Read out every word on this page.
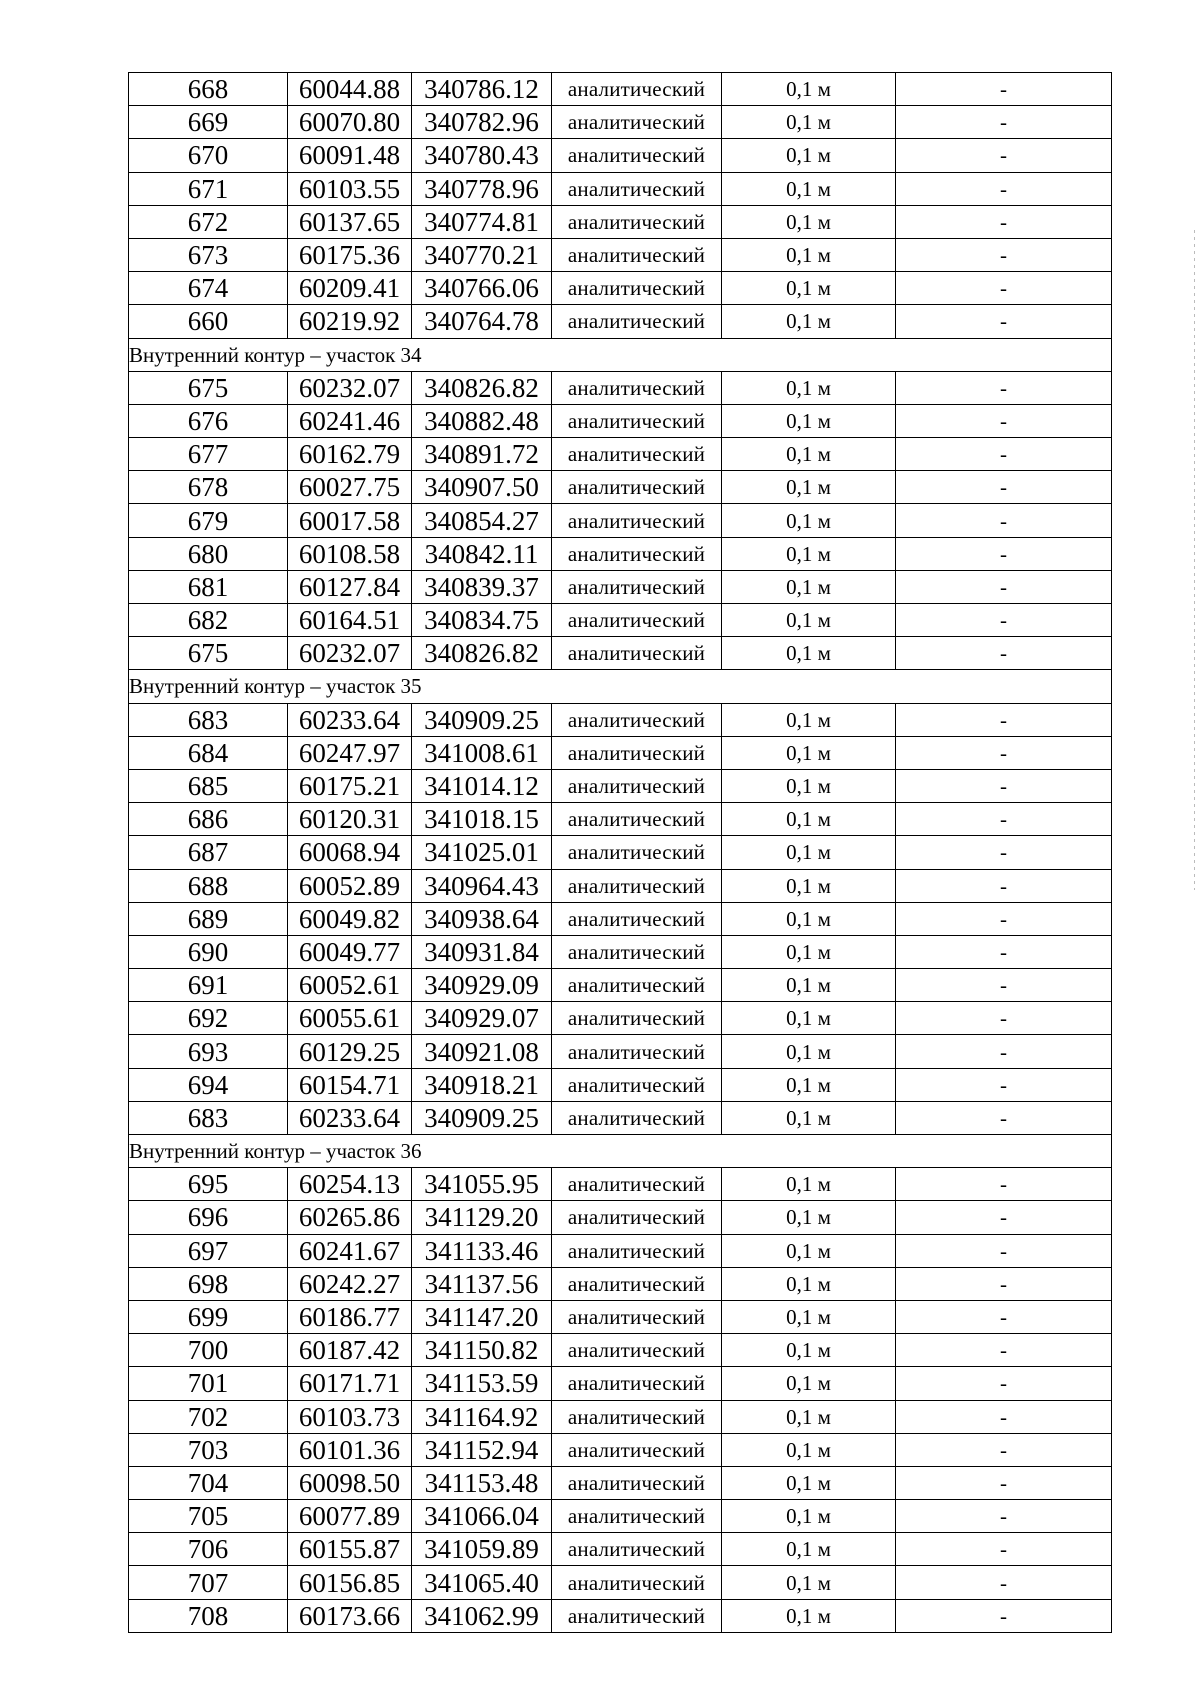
668	60044.88	340786.12	аналитический	0,1 м	-
669	60070.80	340782.96	аналитический	0,1 м	-
670	60091.48	340780.43	аналитический	0,1 м	-
671	60103.55	340778.96	аналитический	0,1 м	-
672	60137.65	340774.81	аналитический	0,1 м	-
673	60175.36	340770.21	аналитический	0,1 м	-
674	60209.41	340766.06	аналитический	0,1 м	-
660	60219.92	340764.78	аналитический	0,1 м	-
Внутренний контур – участок 34					
675	60232.07	340826.82	аналитический	0,1 м	-
676	60241.46	340882.48	аналитический	0,1 м	-
677	60162.79	340891.72	аналитический	0,1 м	-
678	60027.75	340907.50	аналитический	0,1 м	-
679	60017.58	340854.27	аналитический	0,1 м	-
680	60108.58	340842.11	аналитический	0,1 м	-
681	60127.84	340839.37	аналитический	0,1 м	-
682	60164.51	340834.75	аналитический	0,1 м	-
675	60232.07	340826.82	аналитический	0,1 м	-
Внутренний контур – участок 35					
683	60233.64	340909.25	аналитический	0,1 м	-
684	60247.97	341008.61	аналитический	0,1 м	-
685	60175.21	341014.12	аналитический	0,1 м	-
686	60120.31	341018.15	аналитический	0,1 м	-
687	60068.94	341025.01	аналитический	0,1 м	-
688	60052.89	340964.43	аналитический	0,1 м	-
689	60049.82	340938.64	аналитический	0,1 м	-
690	60049.77	340931.84	аналитический	0,1 м	-
691	60052.61	340929.09	аналитический	0,1 м	-
692	60055.61	340929.07	аналитический	0,1 м	-
693	60129.25	340921.08	аналитический	0,1 м	-
694	60154.71	340918.21	аналитический	0,1 м	-
683	60233.64	340909.25	аналитический	0,1 м	-
Внутренний контур – участок 36					
695	60254.13	341055.95	аналитический	0,1 м	-
696	60265.86	341129.20	аналитический	0,1 м	-
697	60241.67	341133.46	аналитический	0,1 м	-
698	60242.27	341137.56	аналитический	0,1 м	-
699	60186.77	341147.20	аналитический	0,1 м	-
700	60187.42	341150.82	аналитический	0,1 м	-
701	60171.71	341153.59	аналитический	0,1 м	-
702	60103.73	341164.92	аналитический	0,1 м	-
703	60101.36	341152.94	аналитический	0,1 м	-
704	60098.50	341153.48	аналитический	0,1 м	-
705	60077.89	341066.04	аналитический	0,1 м	-
706	60155.87	341059.89	аналитический	0,1 м	-
707	60156.85	341065.40	аналитический	0,1 м	-
708	60173.66	341062.99	аналитический	0,1 м	-
